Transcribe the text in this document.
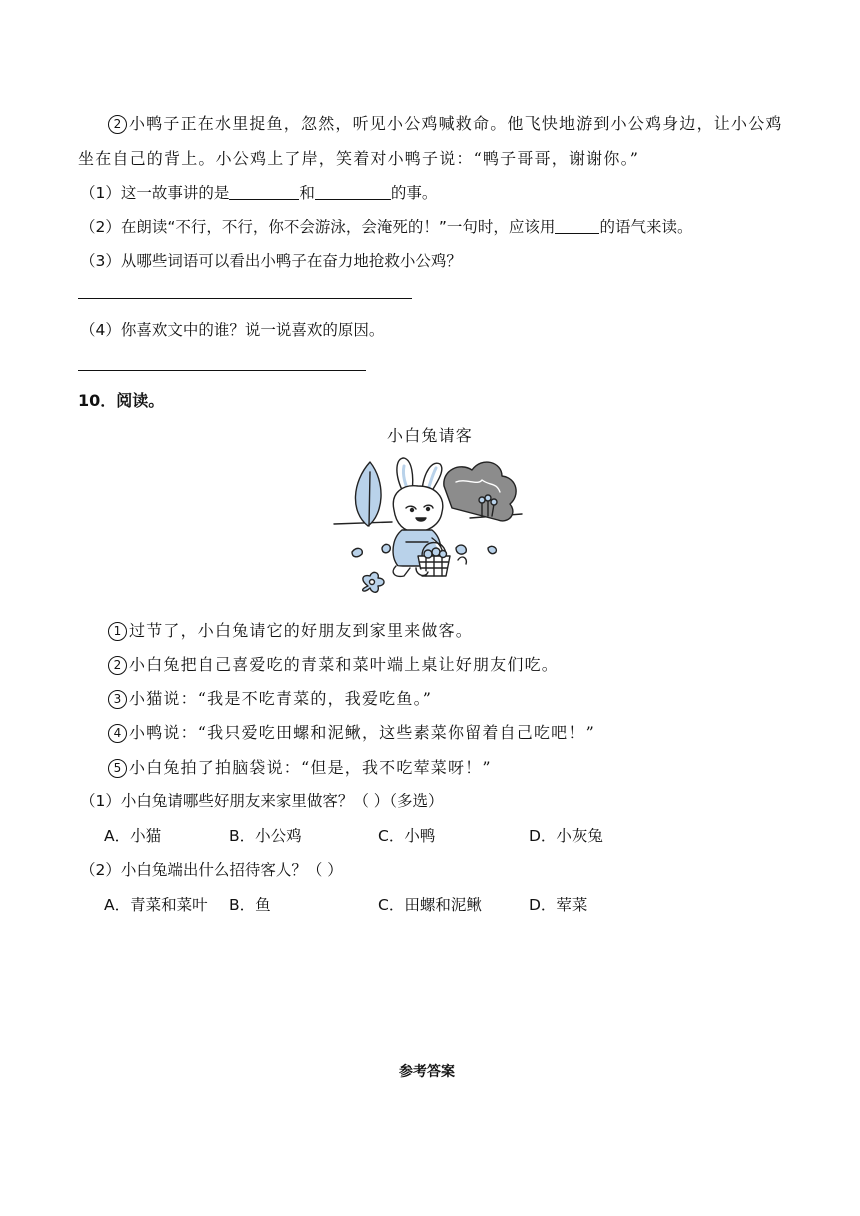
2 小鸭子正在水里捉鱼，忽然，听见小公鸡喊救命。他飞快地游到小公鸡身边，让小公鸡
坐在自己的背上。小公鸡上了岸，笑着对小鸭子说：“鸭子哥哥，谢谢你。”
（1）这一故事讲的是	和	的事。
（2）在朗读“不行，不行，你不会游泳，会淹死的！”一句时，应该用	的语气来读。
（3）从哪些词语可以看出小鸭子在奋力地抢救小公鸡？
（4）你喜欢文中的谁？说一说喜欢的原因。
10．阅读。
小白兔请客
1 过节了，小白兔请它的好朋友到家里来做客。
2 小白兔把自己喜爱吃的青菜和菜叶端上桌让好朋友们吃。
3 小猫说：“我是不吃青菜的，我爱吃鱼。”
4 小鸭说：“我只爱吃田螺和泥鳅，这些素菜你留着自己吃吧！”
5 小白兔拍了拍脑袋说：“但是，我不吃荤菜呀！”
（1）小白兔请哪些好朋友来家里做客？（ ）（多选）
A．小猫	B．小公鸡	C．小鸭	D．小灰兔
（2）小白兔端出什么招待客人？（ ）
A．青菜和菜叶 B．鱼	C．田螺和泥鳅	D．荤菜
参考答案
